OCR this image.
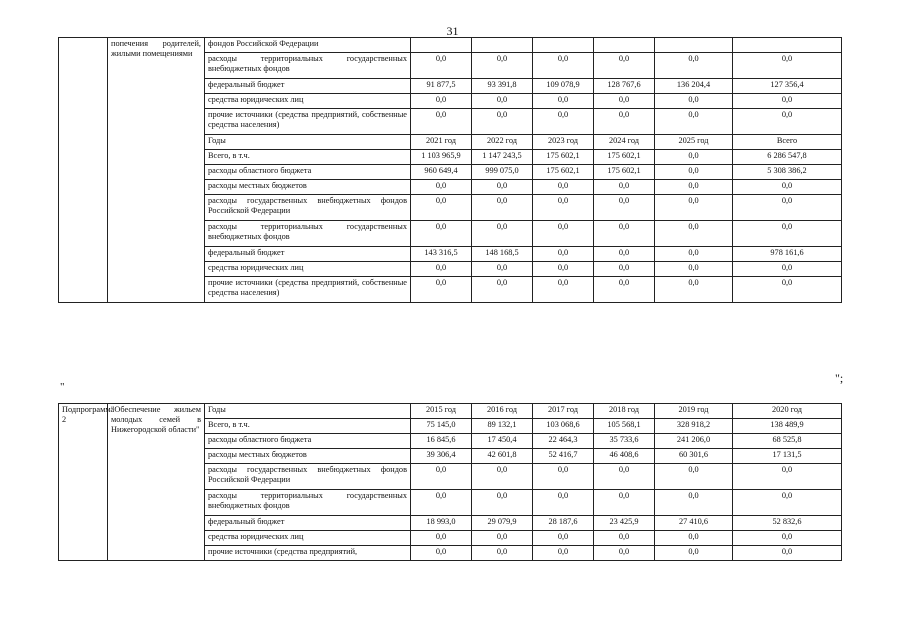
31
	попечения родителей, жилыми помещениями	фондов Российской Федерации						
		расходы территориальных государственных внебюджетных фондов	0,0	0,0	0,0	0,0	0,0	0,0
		федеральный бюджет	91 877,5	93 391,8	109 078,9	128 767,6	136 204,4	127 356,4
		средства юридических лиц	0,0	0,0	0,0	0,0	0,0	0,0
		прочие источники (средства предприятий, собственные средства населения)	0,0	0,0	0,0	0,0	0,0	0,0
		Годы	2021 год	2022 год	2023 год	2024 год	2025 год	Всего
		Всего, в т.ч.	1 103 965,9	1 147 243,5	175 602,1	175 602,1	0,0	6 286 547,8
		расходы областного бюджета	960 649,4	999 075,0	175 602,1	175 602,1	0,0	5 308 386,2
		расходы местных бюджетов	0,0	0,0	0,0	0,0	0,0	0,0
		расходы государственных внебюджетных фондов Российской Федерации	0,0	0,0	0,0	0,0	0,0	0,0
		расходы территориальных государственных внебюджетных фондов	0,0	0,0	0,0	0,0	0,0	0,0
		федеральный бюджет	143 316,5	148 168,5	0,0	0,0	0,0	978 161,6
		средства юридических лиц	0,0	0,0	0,0	0,0	0,0	0,0
		прочие источники (средства предприятий, собственные средства населения)	0,0	0,0	0,0	0,0	0,0	0,0
";
"
Подпрограмма 2	"Обеспечение жильем молодых семей в Нижегородской области"	Годы	2015 год	2016 год	2017 год	2018 год	2019 год	2020 год
		Всего, в т.ч.	75 145,0	89 132,1	103 068,6	105 568,1	328 918,2	138 489,9
		расходы областного бюджета	16 845,6	17 450,4	22 464,3	35 733,6	241 206,0	68 525,8
		расходы местных бюджетов	39 306,4	42 601,8	52 416,7	46 408,6	60 301,6	17 131,5
		расходы государственных внебюджетных фондов Российской Федерации	0,0	0,0	0,0	0,0	0,0	0,0
		расходы территориальных государственных внебюджетных фондов	0,0	0,0	0,0	0,0	0,0	0,0
		федеральный бюджет	18 993,0	29 079,9	28 187,6	23 425,9	27 410,6	52 832,6
		средства юридических лиц	0,0	0,0	0,0	0,0	0,0	0,0
		прочие источники (средства предприятий,	0,0	0,0	0,0	0,0	0,0	0,0
